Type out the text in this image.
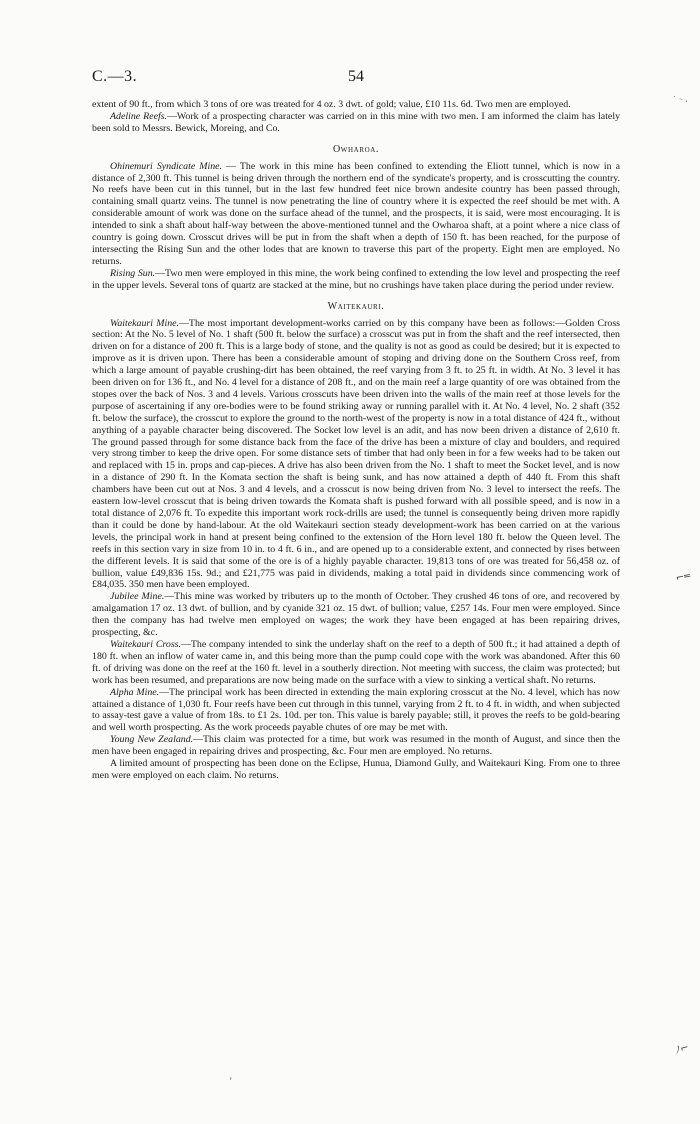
C.—3.	54

extent of 90 ft., from which 3 tons of ore was treated for 4 oz. 3 dwt. of gold; value, £10 11s. 6d. Two men are employed.

Adeline Reefs.—Work of a prospecting character was carried on in this mine with two men. I am informed the claim has lately been sold to Messrs. Bewick, Moreing, and Co.

Owharoa.

Ohinemuri Syndicate Mine. — The work in this mine has been confined to extending the Eliott tunnel, which is now in a distance of 2,300 ft. This tunnel is being driven through the northern end of the syndicate's property, and is crosscutting the country. No reefs have been cut in this tunnel, but in the last few hundred feet nice brown andesite country has been passed through, containing small quartz veins. The tunnel is now penetrating the line of country where it is expected the reef should be met with. A considerable amount of work was done on the surface ahead of the tunnel, and the prospects, it is said, were most encouraging. It is intended to sink a shaft about half-way between the above-mentioned tunnel and the Owharoa shaft, at a point where a nice class of country is going down. Crosscut drives will be put in from the shaft when a depth of 150 ft. has been reached, for the purpose of intersecting the Rising Sun and the other lodes that are known to traverse this part of the property. Eight men are employed. No returns.

Rising Sun.—Two men were employed in this mine, the work being confined to extending the low level and prospecting the reef in the upper levels. Several tons of quartz are stacked at the mine, but no crushings have taken place during the period under review.

Waitekauri.

Waitekauri Mine.—The most important development-works carried on by this company have been as follows:—Golden Cross section: At the No. 5 level of No. 1 shaft (500 ft. below the surface) a crosscut was put in from the shaft and the reef intersected, then driven on for a distance of 200 ft. This is a large body of stone, and the quality is not as good as could be desired; but it is expected to improve as it is driven upon. There has been a considerable amount of stoping and driving done on the Southern Cross reef, from which a large amount of payable crushing-dirt has been obtained, the reef varying from 3 ft. to 25 ft. in width. At No. 3 level it has been driven on for 136 ft., and No. 4 level for a distance of 208 ft., and on the main reef a large quantity of ore was obtained from the stopes over the back of Nos. 3 and 4 levels. Various crosscuts have been driven into the walls of the main reef at those levels for the purpose of ascertaining if any ore-bodies were to be found striking away or running parallel with it. At No. 4 level, No. 2 shaft (352 ft. below the surface), the crosscut to explore the ground to the north-west of the property is now in a total distance of 424 ft., without anything of a payable character being discovered. The Socket low level is an adit, and has now been driven a distance of 2,610 ft. The ground passed through for some distance back from the face of the drive has been a mixture of clay and boulders, and required very strong timber to keep the drive open. For some distance sets of timber that had only been in for a few weeks had to be taken out and replaced with 15 in. props and cap-pieces. A drive has also been driven from the No. 1 shaft to meet the Socket level, and is now in a distance of 290 ft. In the Komata section the shaft is being sunk, and has now attained a depth of 440 ft. From this shaft chambers have been cut out at Nos. 3 and 4 levels, and a crosscut is now being driven from No. 3 level to intersect the reefs. The eastern low-level crosscut that is being driven towards the Komata shaft is pushed forward with all possible speed, and is now in a total distance of 2,076 ft. To expedite this important work rock-drills are used; the tunnel is consequently being driven more rapidly than it could be done by hand-labour. At the old Waitekauri section steady development-work has been carried on at the various levels, the principal work in hand at present being confined to the extension of the Horn level 180 ft. below the Queen level. The reefs in this section vary in size from 10 in. to 4 ft. 6 in., and are opened up to a considerable extent, and connected by rises between the different levels. It is said that some of the ore is of a highly payable character. 19,813 tons of ore was treated for 56,458 oz. of bullion, value £49,836 15s. 9d.; and £21,775 was paid in dividends, making a total paid in dividends since commencing work of £84,035. 350 men have been employed.

Jubilee Mine.—This mine was worked by tributers up to the month of October. They crushed 46 tons of ore, and recovered by amalgamation 17 oz. 13 dwt. of bullion, and by cyanide 321 oz. 15 dwt. of bullion; value, £257 14s. Four men were employed. Since then the company has had twelve men employed on wages; the work they have been engaged at has been repairing drives, prospecting, &c.

Waitekauri Cross.—The company intended to sink the underlay shaft on the reef to a depth of 500 ft.; it had attained a depth of 180 ft. when an inflow of water came in, and this being more than the pump could cope with the work was abandoned. After this 60 ft. of driving was done on the reef at the 160 ft. level in a southerly direction. Not meeting with success, the claim was protected; but work has been resumed, and preparations are now being made on the surface with a view to sinking a vertical shaft. No returns.

Alpha Mine.—The principal work has been directed in extending the main exploring crosscut at the No. 4 level, which has now attained a distance of 1,030 ft. Four reefs have been cut through in this tunnel, varying from 2 ft. to 4 ft. in width, and when subjected to assay-test gave a value of from 18s. to £1 2s. 10d. per ton. This value is barely payable; still, it proves the reefs to be gold-bearing and well worth prospecting. As the work proceeds payable chutes of ore may be met with.

Young New Zealand.—This claim was protected for a time, but work was resumed in the month of August, and since then the men have been engaged in repairing drives and prospecting, &c. Four men are employed. No returns.

A limited amount of prospecting has been done on the Eclipse, Hunua, Diamond Gully, and Waitekauri King. From one to three men were employed on each claim. No returns.

˙ ⁻ ·
⌐═
ﾉ⌐
'
